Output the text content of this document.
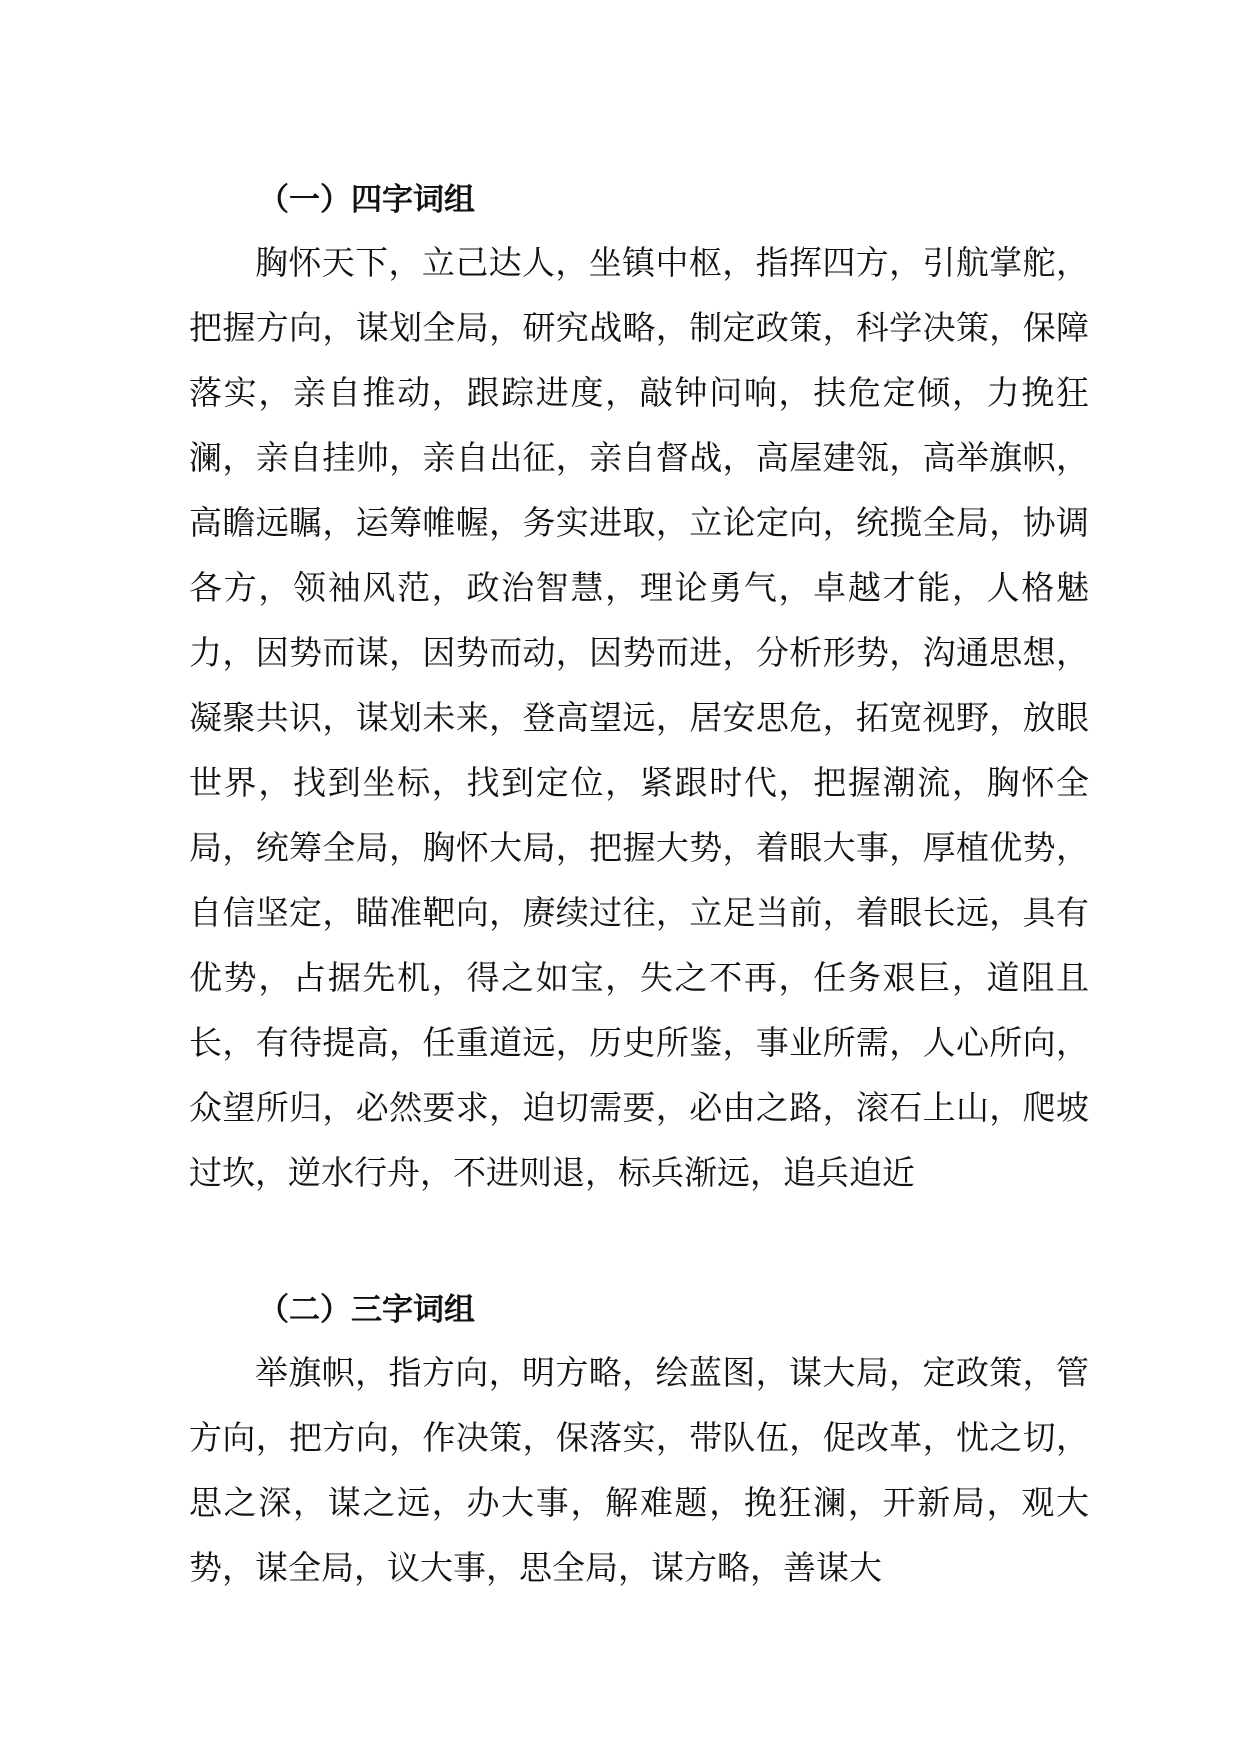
（一）四字词组

胸怀天下，立己达人，坐镇中枢，指挥四方，引航掌舵，把握方向，谋划全局，研究战略，制定政策，科学决策，保障落实，亲自推动，跟踪进度，敲钟问响，扶危定倾，力挽狂澜，亲自挂帅，亲自出征，亲自督战，高屋建瓴，高举旗帜，高瞻远瞩，运筹帷幄，务实进取，立论定向，统揽全局，协调各方，领袖风范，政治智慧，理论勇气，卓越才能，人格魅力，因势而谋，因势而动，因势而进，分析形势，沟通思想，凝聚共识，谋划未来，登高望远，居安思危，拓宽视野，放眼世界，找到坐标，找到定位，紧跟时代，把握潮流，胸怀全局，统筹全局，胸怀大局，把握大势，着眼大事，厚植优势，自信坚定，瞄准靶向，赓续过往，立足当前，着眼长远，具有优势，占据先机，得之如宝，失之不再，任务艰巨，道阻且长，有待提高，任重道远，历史所鉴，事业所需，人心所向，众望所归，必然要求，迫切需要，必由之路，滚石上山，爬坡过坎，逆水行舟，不进则退，标兵渐远，追兵迫近

（二）三字词组

举旗帜，指方向，明方略，绘蓝图，谋大局，定政策，管方向，把方向，作决策，保落实，带队伍，促改革，忧之切，思之深，谋之远，办大事，解难题，挽狂澜，开新局，观大势，谋全局，议大事，思全局，谋方略，善谋大
